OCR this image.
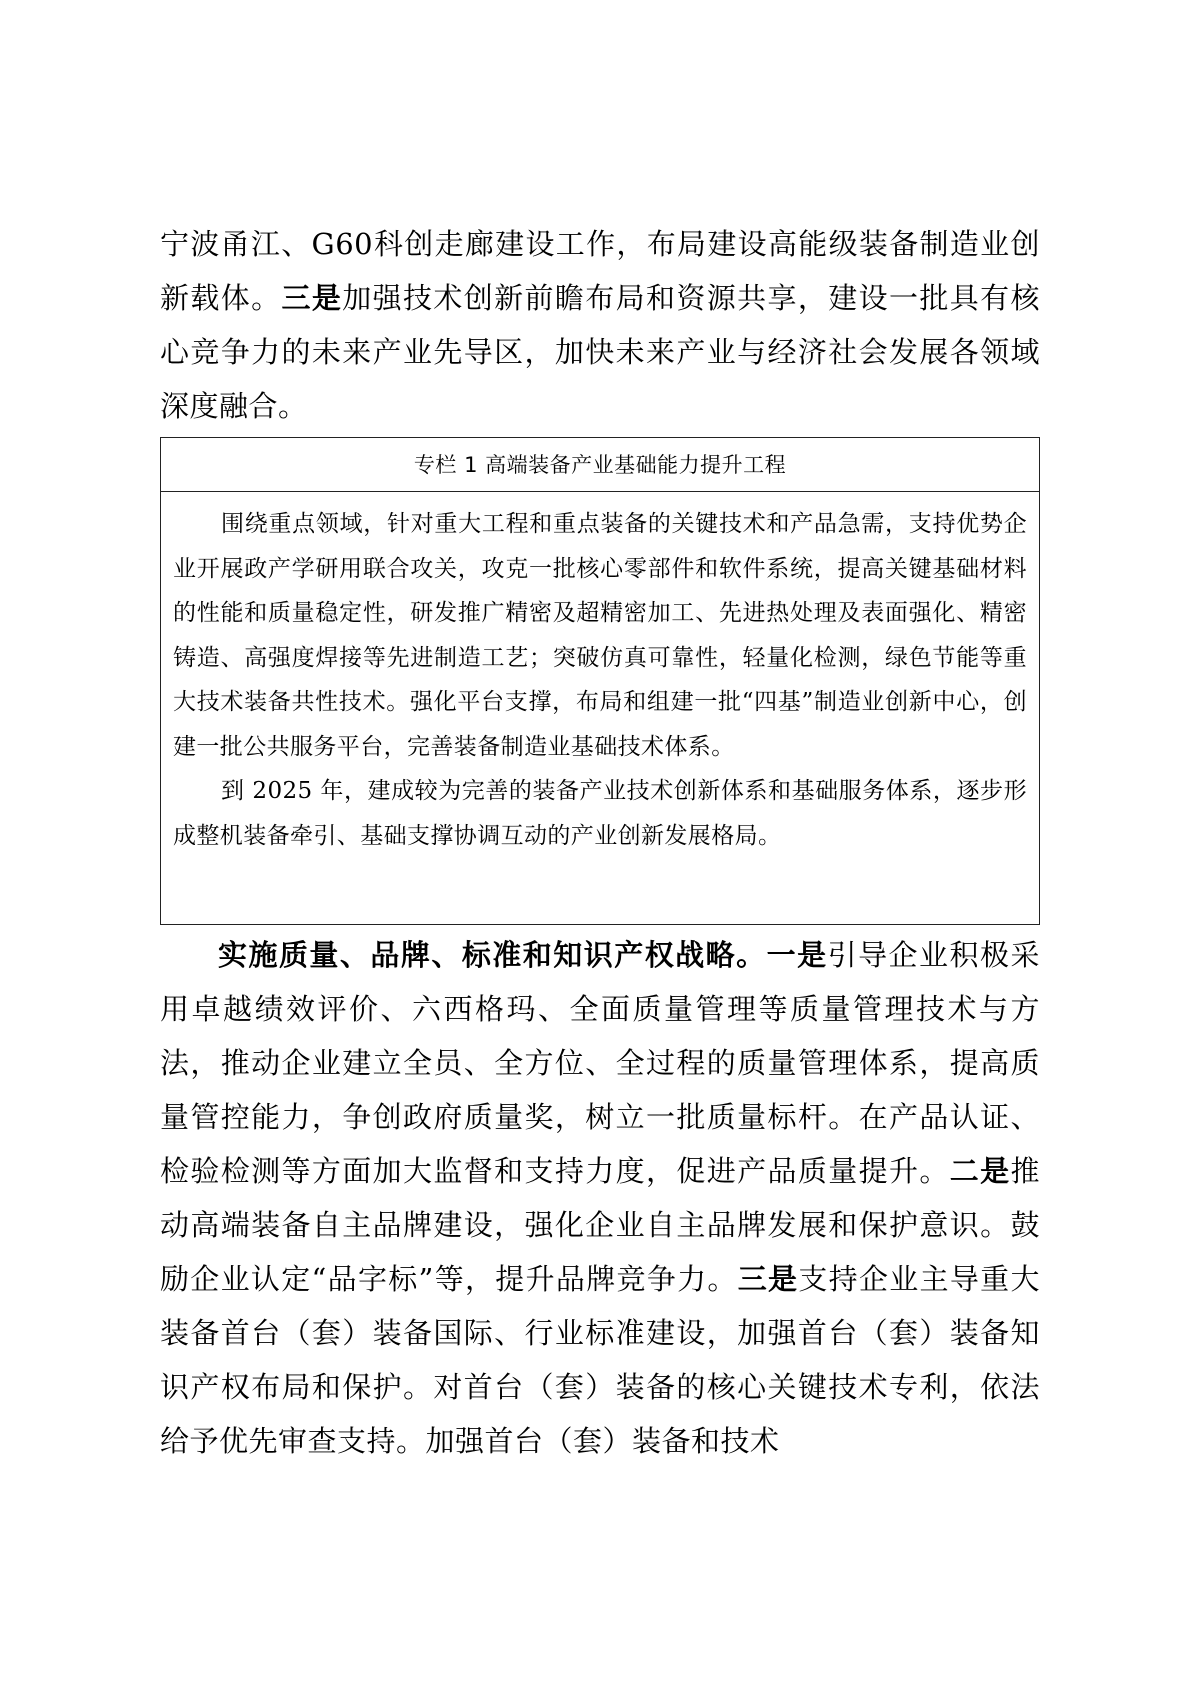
宁波甬江、G60科创走廊建设工作，布局建设高能级装备制造业创新载体。三是加强技术创新前瞻布局和资源共享，建设一批具有核心竞争力的未来产业先导区，加快未来产业与经济社会发展各领域深度融合。

专栏 1 高端装备产业基础能力提升工程

围绕重点领域，针对重大工程和重点装备的关键技术和产品急需，支持优势企业开展政产学研用联合攻关，攻克一批核心零部件和软件系统，提高关键基础材料的性能和质量稳定性，研发推广精密及超精密加工、先进热处理及表面强化、精密铸造、高强度焊接等先进制造工艺；突破仿真可靠性，轻量化检测，绿色节能等重大技术装备共性技术。强化平台支撑，布局和组建一批“四基”制造业创新中心，创建一批公共服务平台，完善装备制造业基础技术体系。

到 2025 年，建成较为完善的装备产业技术创新体系和基础服务体系，逐步形成整机装备牵引、基础支撑协调互动的产业创新发展格局。

实施质量、品牌、标准和知识产权战略。一是引导企业积极采用卓越绩效评价、六西格玛、全面质量管理等质量管理技术与方法，推动企业建立全员、全方位、全过程的质量管理体系，提高质量管控能力，争创政府质量奖，树立一批质量标杆。在产品认证、检验检测等方面加大监督和支持力度，促进产品质量提升。二是推动高端装备自主品牌建设，强化企业自主品牌发展和保护意识。鼓励企业认定“品字标”等，提升品牌竞争力。三是支持企业主导重大装备首台（套）装备国际、行业标准建设，加强首台（套）装备知识产权布局和保护。对首台（套）装备的核心关键技术专利，依法给予优先审查支持。加强首台（套）装备和技术
